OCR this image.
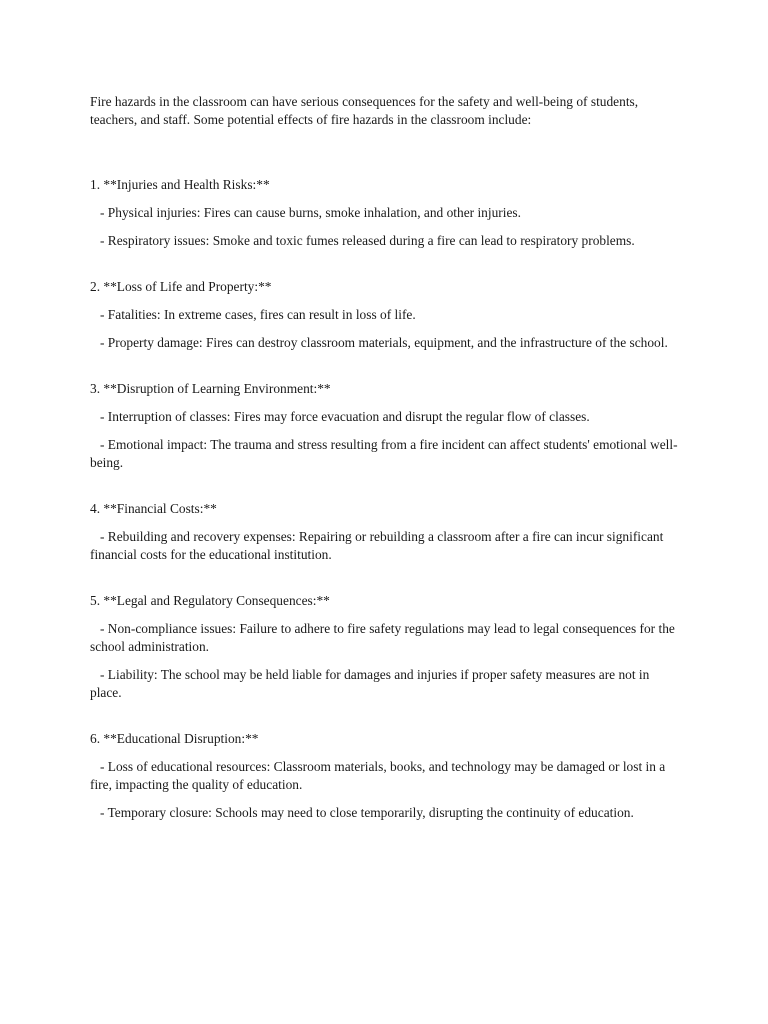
Fire hazards in the classroom can have serious consequences for the safety and well-being of students, teachers, and staff. Some potential effects of fire hazards in the classroom include:

1. **Injuries and Health Risks:**

- Physical injuries: Fires can cause burns, smoke inhalation, and other injuries.

- Respiratory issues: Smoke and toxic fumes released during a fire can lead to respiratory problems.

2. **Loss of Life and Property:**

- Fatalities: In extreme cases, fires can result in loss of life.

- Property damage: Fires can destroy classroom materials, equipment, and the infrastructure of the school.

3. **Disruption of Learning Environment:**

- Interruption of classes: Fires may force evacuation and disrupt the regular flow of classes.

- Emotional impact: The trauma and stress resulting from a fire incident can affect students' emotional well-being.

4. **Financial Costs:**

- Rebuilding and recovery expenses: Repairing or rebuilding a classroom after a fire can incur significant financial costs for the educational institution.

5. **Legal and Regulatory Consequences:**

- Non-compliance issues: Failure to adhere to fire safety regulations may lead to legal consequences for the school administration.

- Liability: The school may be held liable for damages and injuries if proper safety measures are not in place.

6. **Educational Disruption:**

- Loss of educational resources: Classroom materials, books, and technology may be damaged or lost in a fire, impacting the quality of education.

- Temporary closure: Schools may need to close temporarily, disrupting the continuity of education.
